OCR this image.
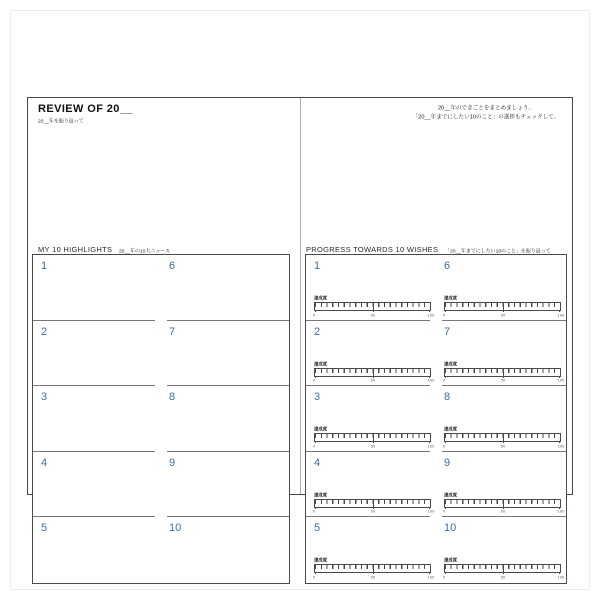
REVIEW OF 20__
20__年を振り返って
MY 10 HIGHLIGHTS 20__年の10大ニュース
1
2
3
4
5
6
7
8
9
10
20__年のできごとをまとめましょう。
「20__年までにしたい10のこと」の進捗もチェックして。
PROGRESS TOWARDS 10 WISHES 「20__年までにしたい10のこと」を振り返って
1
達成度
0	50	100
2
達成度
0	50	100
3
達成度
0	50	100
4
達成度
0	50	100
5
達成度
0	50	100
6
達成度
0	50	100
7
達成度
0	50	100
8
達成度
0	50	100
9
達成度
0	50	100
10
達成度
0	50	100
